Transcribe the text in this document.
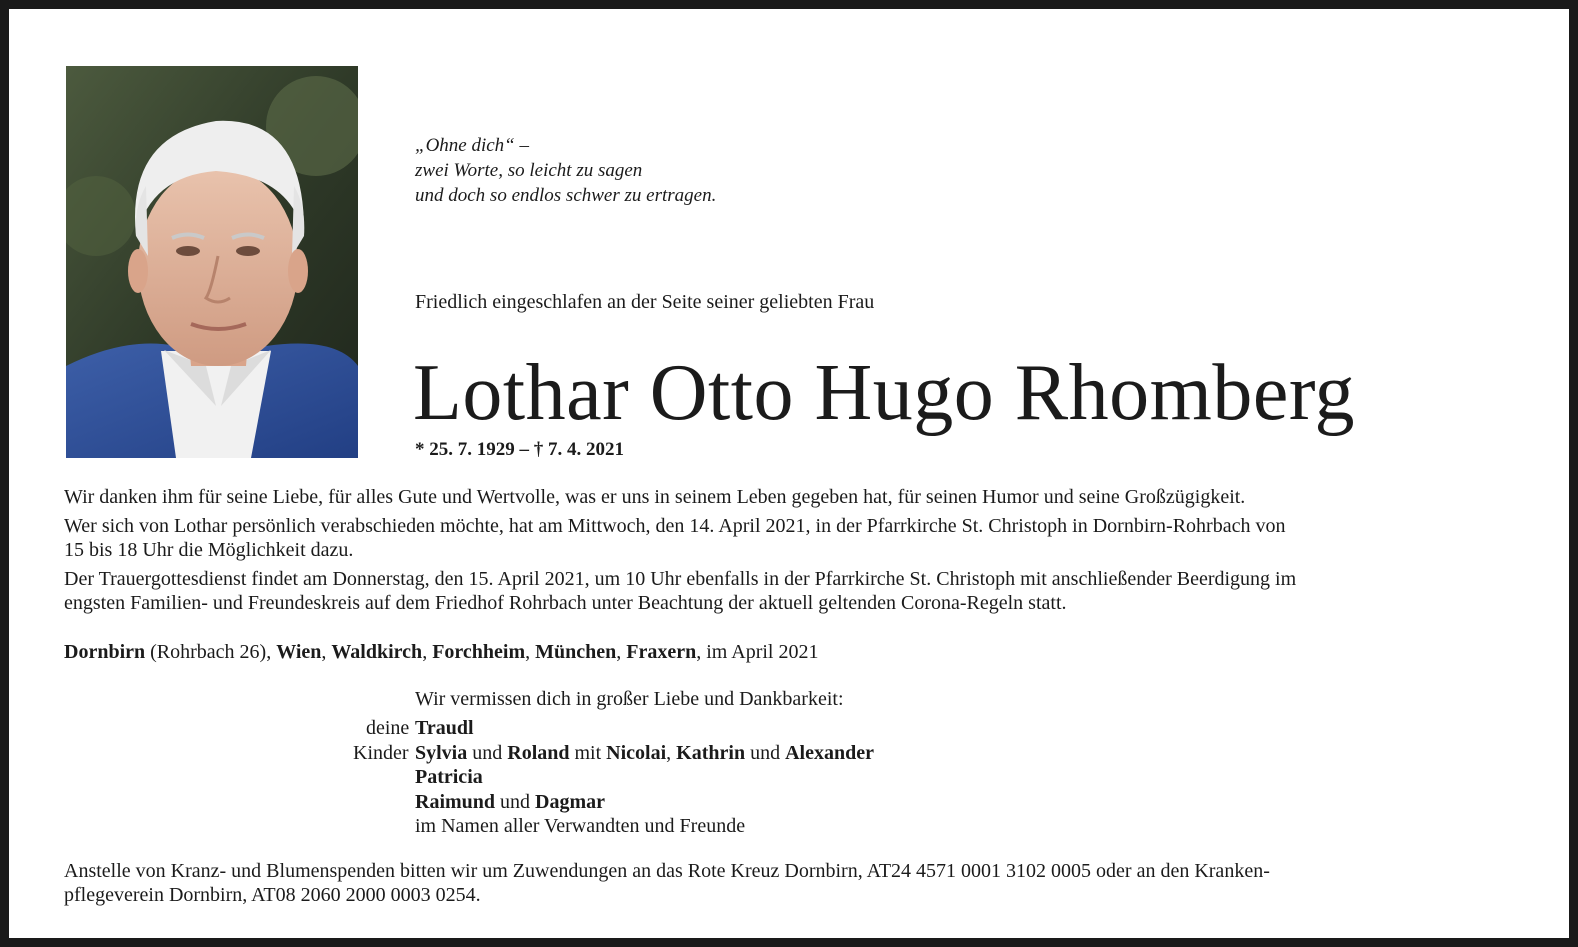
„Ohne dich“ –
zwei Worte, so leicht zu sagen
und doch so endlos schwer zu ertragen.
Friedlich eingeschlafen an der Seite seiner geliebten Frau
Lothar Otto Hugo Rhomberg
* 25. 7. 1929 – † 7. 4. 2021
Wir danken ihm für seine Liebe, für alles Gute und Wertvolle, was er uns in seinem Leben gegeben hat, für seinen Humor und seine Großzügigkeit.
Wer sich von Lothar persönlich verabschieden möchte, hat am Mittwoch, den 14. April 2021, in der Pfarrkirche St. Christoph in Dornbirn-Rohrbach von
15 bis 18 Uhr die Möglichkeit dazu.
Der Trauergottesdienst findet am Donnerstag, den 15. April 2021, um 10 Uhr ebenfalls in der Pfarrkirche St. Christoph mit anschließender Beerdigung im
engsten Familien- und Freundeskreis auf dem Friedhof Rohrbach unter Beachtung der aktuell geltenden Corona-Regeln statt.
Dornbirn (Rohrbach 26), Wien, Waldkirch, Forchheim, München, Fraxern, im April 2021
Wir vermissen dich in großer Liebe und Dankbarkeit:
deine Traudl
Kinder Sylvia und Roland mit Nicolai, Kathrin und Alexander
Patricia
Raimund und Dagmar
im Namen aller Verwandten und Freunde
Anstelle von Kranz- und Blumenspenden bitten wir um Zuwendungen an das Rote Kreuz Dornbirn, AT24 4571 0001 3102 0005 oder an den Kranken-
pflegeverein Dornbirn, AT08 2060 2000 0003 0254.
